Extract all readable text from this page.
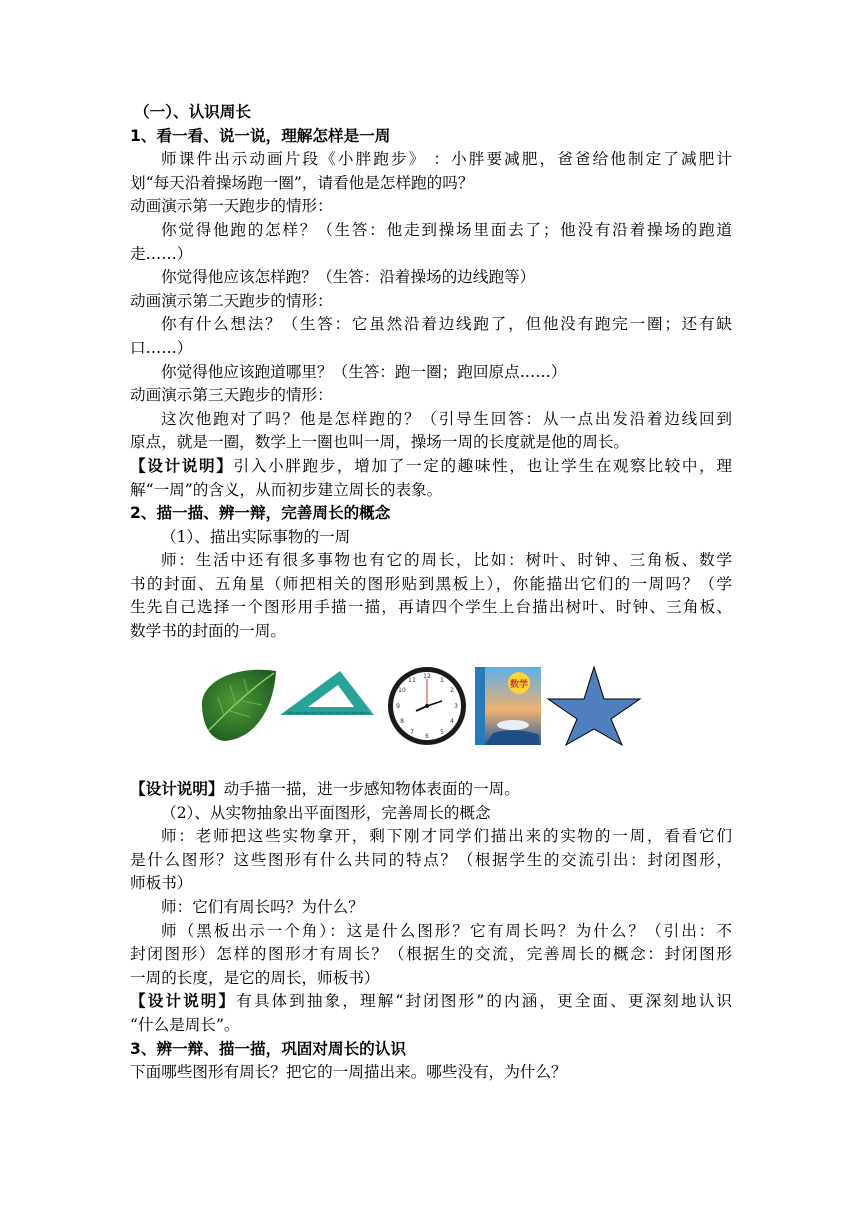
（一）、认识周长
1、看一看、说一说，理解怎样是一周
师课件出示动画片段《小胖跑步》 ：小胖要减肥，爸爸给他制定了减肥计
划“每天沿着操场跑一圈”，请看他是怎样跑的吗？
动画演示第一天跑步的情形：
你觉得他跑的怎样？（生答：他走到操场里面去了；他没有沿着操场的跑道
走……）
你觉得他应该怎样跑？（生答：沿着操场的边线跑等）
动画演示第二天跑步的情形：
你有什么想法？（生答：它虽然沿着边线跑了，但他没有跑完一圈；还有缺
口……）
你觉得他应该跑道哪里？（生答：跑一圈；跑回原点……）
动画演示第三天跑步的情形：
这次他跑对了吗？他是怎样跑的？（引导生回答：从一点出发沿着边线回到
原点，就是一圈，数学上一圈也叫一周，操场一周的长度就是他的周长。
【设计说明】引入小胖跑步，增加了一定的趣味性，也让学生在观察比较中，理
解“一周”的含义，从而初步建立周长的表象。
2、描一描、辨一辩，完善周长的概念
（1）、描出实际事物的一周
师：生活中还有很多事物也有它的周长，比如：树叶、时钟、三角板、数学
书的封面、五角星（师把相关的图形贴到黑板上），你能描出它们的一周吗？（学
生先自己选择一个图形用手描一描，再请四个学生上台描出树叶、时钟、三角板、
数学书的封面的一周。
12
1
2
3
4
5
6
7
8
9
10
11	数学
【设计说明】动手描一描，进一步感知物体表面的一周。
（2）、从实物抽象出平面图形，完善周长的概念
师：老师把这些实物拿开，剩下刚才同学们描出来的实物的一周，看看它们
是什么图形？这些图形有什么共同的特点？（根据学生的交流引出：封闭图形，
师板书）
师：它们有周长吗？为什么？
师（黑板出示一个角）：这是什么图形？它有周长吗？为什么？（引出：不
封闭图形）怎样的图形才有周长？（根据生的交流，完善周长的概念：封闭图形
一周的长度，是它的周长，师板书）
【设计说明】有具体到抽象，理解“封闭图形”的内涵，更全面、更深刻地认识
“什么是周长”。
3、辨一辩、描一描，巩固对周长的认识
下面哪些图形有周长？把它的一周描出来。哪些没有，为什么？
